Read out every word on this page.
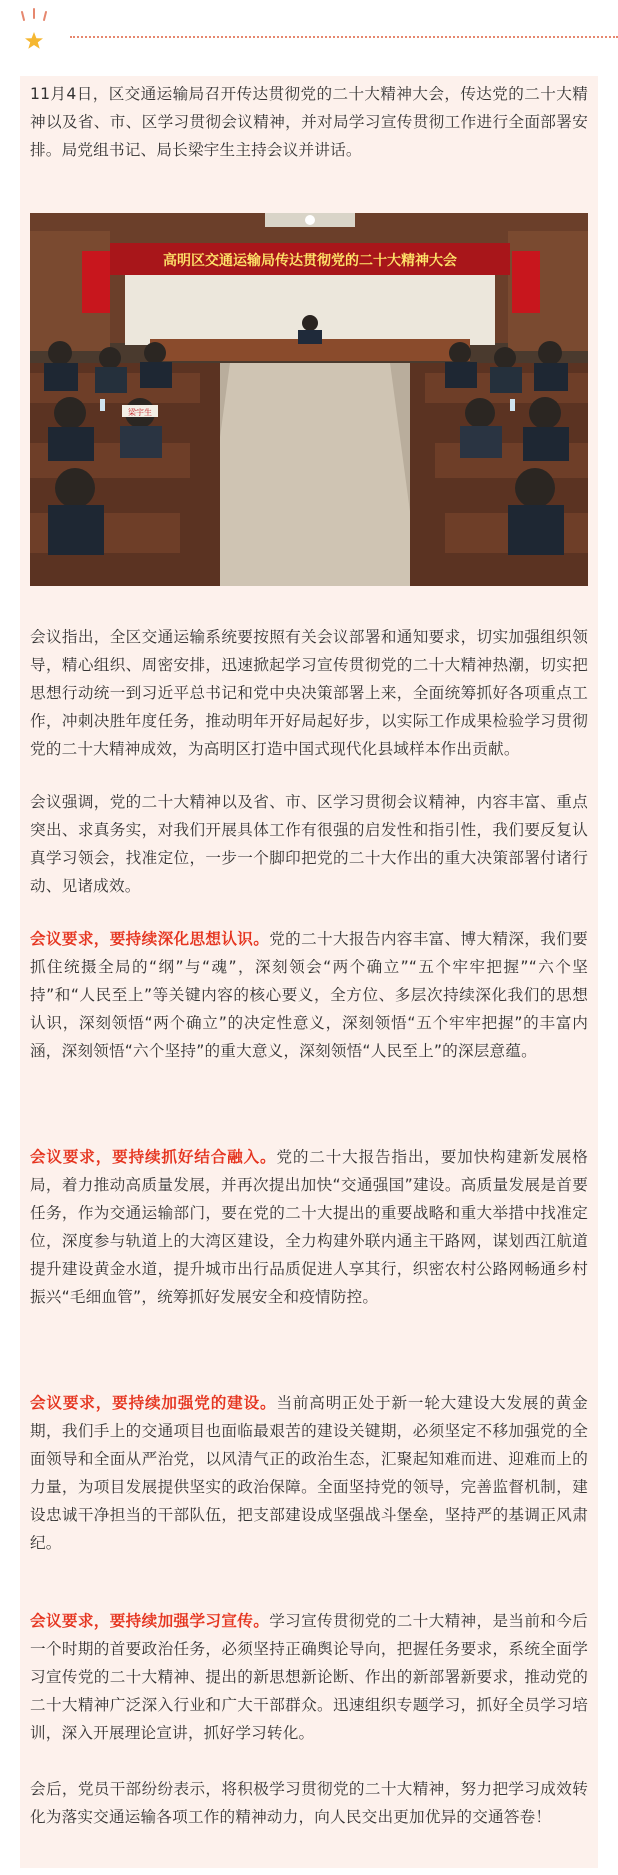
11月4日，区交通运输局召开传达贯彻党的二十大精神大会，传达党的二十大精神以及省、市、区学习贯彻会议精神，并对局学习宣传贯彻工作进行全面部署安排。局党组书记、局长梁宇生主持会议并讲话。

高明区交通运输局传达贯彻党的二十大精神大会
梁宇生

会议指出，全区交通运输系统要按照有关会议部署和通知要求，切实加强组织领导，精心组织、周密安排，迅速掀起学习宣传贯彻党的二十大精神热潮，切实把思想行动统一到习近平总书记和党中央决策部署上来，全面统筹抓好各项重点工作，冲刺决胜年度任务，推动明年开好局起好步，以实际工作成果检验学习贯彻党的二十大精神成效，为高明区打造中国式现代化县域样本作出贡献。

会议强调，党的二十大精神以及省、市、区学习贯彻会议精神，内容丰富、重点突出、求真务实，对我们开展具体工作有很强的启发性和指引性，我们要反复认真学习领会，找准定位，一步一个脚印把党的二十大作出的重大决策部署付诸行动、见诸成效。

会议要求，要持续深化思想认识。党的二十大报告内容丰富、博大精深，我们要抓住统摄全局的“纲”与“魂”，深刻领会“两个确立”“五个牢牢把握”“六个坚持”和“人民至上”等关键内容的核心要义，全方位、多层次持续深化我们的思想认识，深刻领悟“两个确立”的决定性意义，深刻领悟“五个牢牢把握”的丰富内涵，深刻领悟“六个坚持”的重大意义，深刻领悟“人民至上”的深层意蕴。

会议要求，要持续抓好结合融入。党的二十大报告指出，要加快构建新发展格局，着力推动高质量发展，并再次提出加快“交通强国”建设。高质量发展是首要任务，作为交通运输部门，要在党的二十大提出的重要战略和重大举措中找准定位，深度参与轨道上的大湾区建设，全力构建外联内通主干路网，谋划西江航道提升建设黄金水道，提升城市出行品质促进人享其行，织密农村公路网畅通乡村振兴“毛细血管”，统筹抓好发展安全和疫情防控。

会议要求，要持续加强党的建设。当前高明正处于新一轮大建设大发展的黄金期，我们手上的交通项目也面临最艰苦的建设关键期，必须坚定不移加强党的全面领导和全面从严治党，以风清气正的政治生态，汇聚起知难而进、迎难而上的力量，为项目发展提供坚实的政治保障。全面坚持党的领导，完善监督机制，建设忠诚干净担当的干部队伍，把支部建设成坚强战斗堡垒，坚持严的基调正风肃纪。

会议要求，要持续加强学习宣传。学习宣传贯彻党的二十大精神，是当前和今后一个时期的首要政治任务，必须坚持正确舆论导向，把握任务要求，系统全面学习宣传党的二十大精神、提出的新思想新论断、作出的新部署新要求，推动党的二十大精神广泛深入行业和广大干部群众。迅速组织专题学习，抓好全员学习培训，深入开展理论宣讲，抓好学习转化。

会后，党员干部纷纷表示，将积极学习贯彻党的二十大精神，努力把学习成效转化为落实交通运输各项工作的精神动力，向人民交出更加优异的交通答卷！
